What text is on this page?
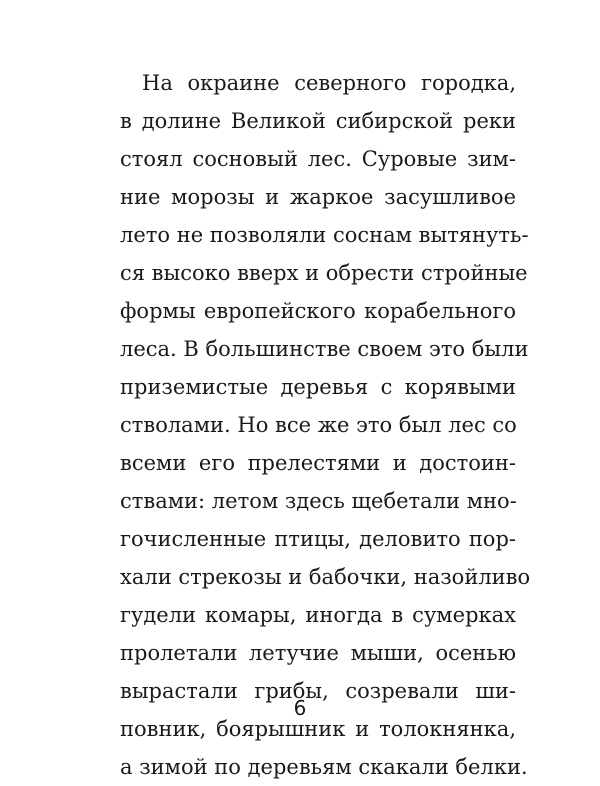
На окраине северного городка,
в долине Великой сибирской реки
стоял сосновый лес. Суровые зим-
ние морозы и жаркое засушливое
лето не позволяли соснам вытянуть-
ся высоко вверх и обрести стройные
формы европейского корабельного
леса. В большинстве своем это были
приземистые деревья с корявыми
стволами. Но все же это был лес со
всеми его прелестями и достоин-
ствами: летом здесь щебетали мно-
гочисленные птицы, деловито пор-
хали стрекозы и бабочки, назойливо
гудели комары, иногда в сумерках
пролетали летучие мыши, осенью
вырастали грибы, созревали ши-
повник, боярышник и толокнянка,
а зимой по деревьям скакали белки.
6
